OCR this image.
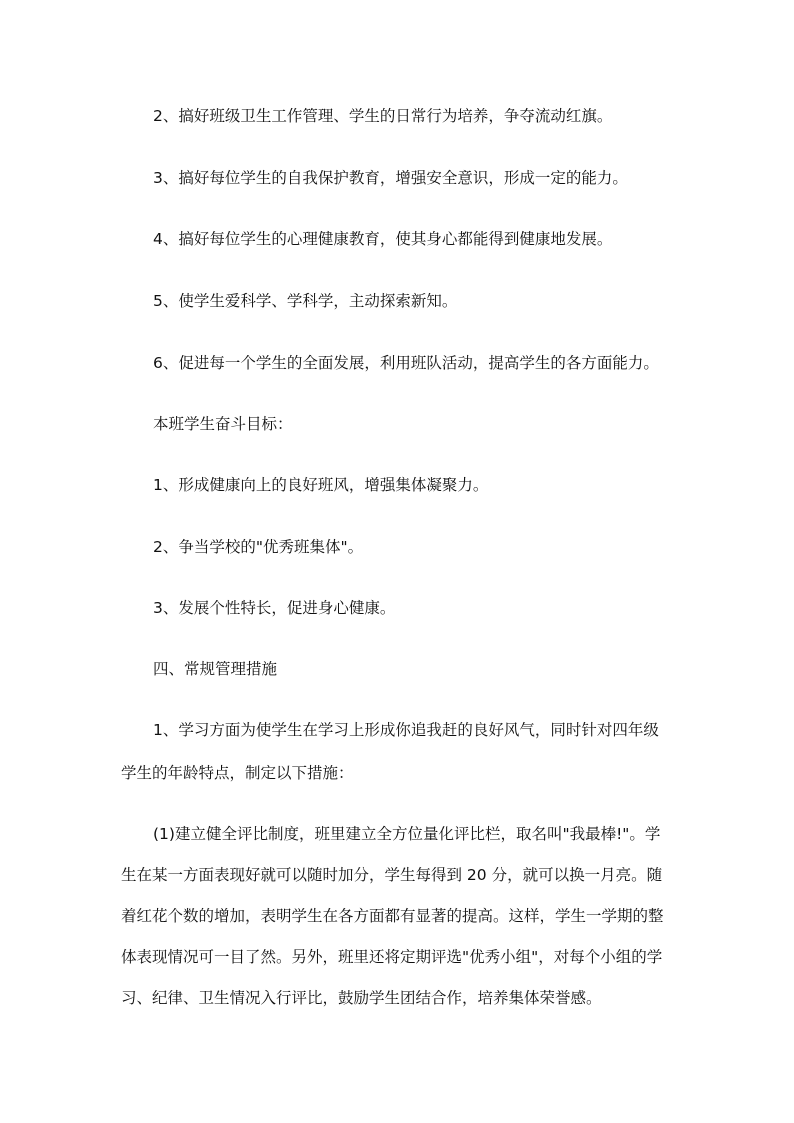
2、搞好班级卫生工作管理、学生的日常行为培养，争夺流动红旗。
3、搞好每位学生的自我保护教育，增强安全意识，形成一定的能力。
4、搞好每位学生的心理健康教育，使其身心都能得到健康地发展。
5、使学生爱科学、学科学，主动探索新知。
6、促进每一个学生的全面发展，利用班队活动，提高学生的各方面能力。
本班学生奋斗目标：
1、形成健康向上的良好班风，增强集体凝聚力。
2、争当学校的"优秀班集体"。
3、发展个性特长，促进身心健康。
四、常规管理措施
1、学习方面为使学生在学习上形成你追我赶的良好风气，同时针对四年级
学生的年龄特点，制定以下措施：
(1)建立健全评比制度，班里建立全方位量化评比栏，取名叫"我最棒!"。学
生在某一方面表现好就可以随时加分，学生每得到 20 分，就可以换一月亮。随
着红花个数的增加，表明学生在各方面都有显著的提高。这样，学生一学期的整
体表现情况可一目了然。另外，班里还将定期评选"优秀小组"，对每个小组的学
习、纪律、卫生情况入行评比，鼓励学生团结合作，培养集体荣誉感。
